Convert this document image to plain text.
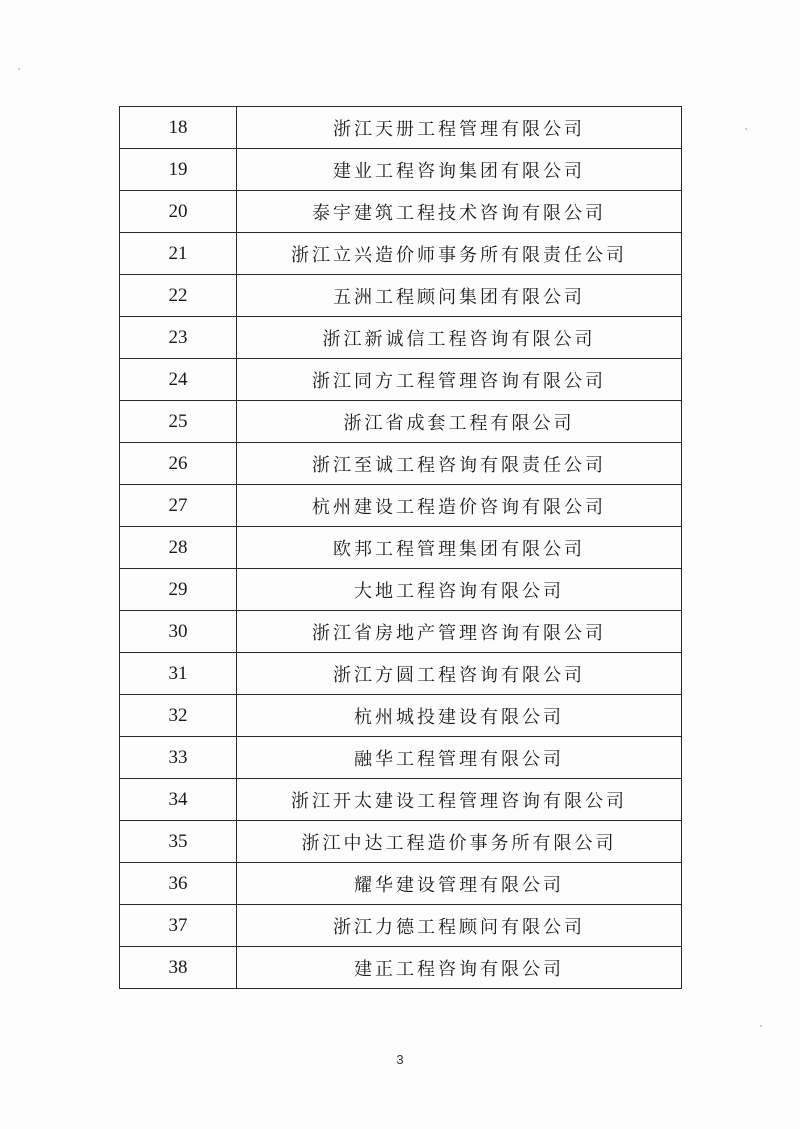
18	浙江天册工程管理有限公司
19	建业工程咨询集团有限公司
20	泰宇建筑工程技术咨询有限公司
21	浙江立兴造价师事务所有限责任公司
22	五洲工程顾问集团有限公司
23	浙江新诚信工程咨询有限公司
24	浙江同方工程管理咨询有限公司
25	浙江省成套工程有限公司
26	浙江至诚工程咨询有限责任公司
27	杭州建设工程造价咨询有限公司
28	欧邦工程管理集团有限公司
29	大地工程咨询有限公司
30	浙江省房地产管理咨询有限公司
31	浙江方圆工程咨询有限公司
32	杭州城投建设有限公司
33	融华工程管理有限公司
34	浙江开太建设工程管理咨询有限公司
35	浙江中达工程造价事务所有限公司
36	耀华建设管理有限公司
37	浙江力德工程顾问有限公司
38	建正工程咨询有限公司
3
